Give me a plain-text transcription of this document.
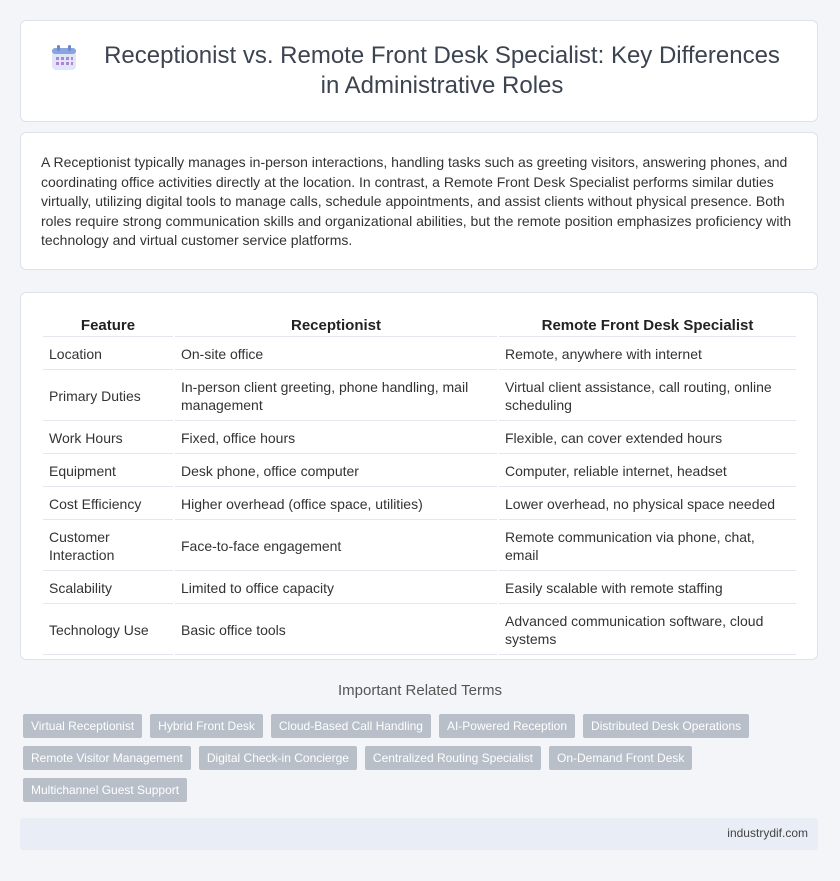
Receptionist vs. Remote Front Desk Specialist: Key Differences in Administrative Roles

A Receptionist typically manages in-person interactions, handling tasks such as greeting visitors, answering phones, and coordinating office activities directly at the location. In contrast, a Remote Front Desk Specialist performs similar duties virtually, utilizing digital tools to manage calls, schedule appointments, and assist clients without physical presence. Both roles require strong communication skills and organizational abilities, but the remote position emphasizes proficiency with technology and virtual customer service platforms.

Feature	Receptionist	Remote Front Desk Specialist
Location	On-site office	Remote, anywhere with internet
Primary Duties	In-person client greeting, phone handling, mail management	Virtual client assistance, call routing, online scheduling
Work Hours	Fixed, office hours	Flexible, can cover extended hours
Equipment	Desk phone, office computer	Computer, reliable internet, headset
Cost Efficiency	Higher overhead (office space, utilities)	Lower overhead, no physical space needed
Customer Interaction	Face-to-face engagement	Remote communication via phone, chat, email
Scalability	Limited to office capacity	Easily scalable with remote staffing
Technology Use	Basic office tools	Advanced communication software, cloud systems
Important Related Terms
Virtual Receptionist	Hybrid Front Desk	Cloud-Based Call Handling	AI-Powered Reception	Distributed Desk Operations
Remote Visitor Management	Digital Check-in Concierge	Centralized Routing Specialist	On-Demand Front Desk
Multichannel Guest Support
industrydif.com
